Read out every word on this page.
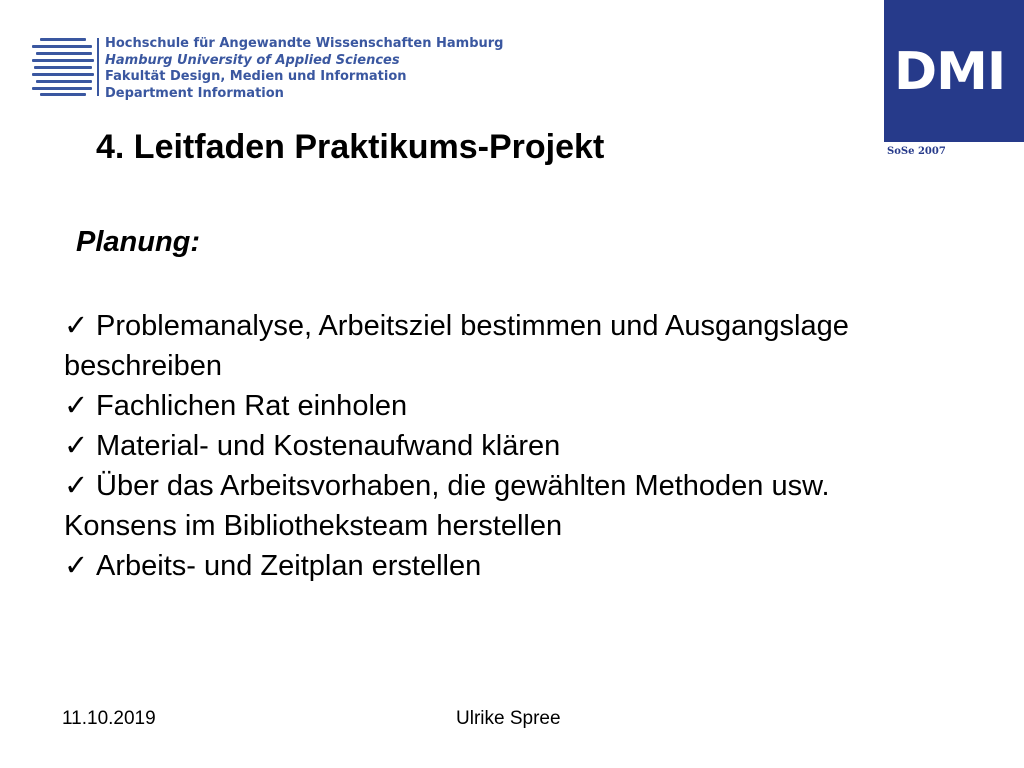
Hochschule für Angewandte Wissenschaften Hamburg
Hamburg University of Applied Sciences
Fakultät Design, Medien und Information
Department Information	DMI
SoSe 2007
4. Leitfaden Praktikums-Projekt
Planung:

✓ Problemanalyse, Arbeitsziel bestimmen und Ausgangslage beschreiben

✓ Fachlichen Rat einholen

✓ Material- und Kostenaufwand klären

✓ Über das Arbeitsvorhaben, die gewählten Methoden usw. Konsens im Bibliotheksteam herstellen

✓ Arbeits- und Zeitplan erstellen

11.10.2019	Ulrike Spree
